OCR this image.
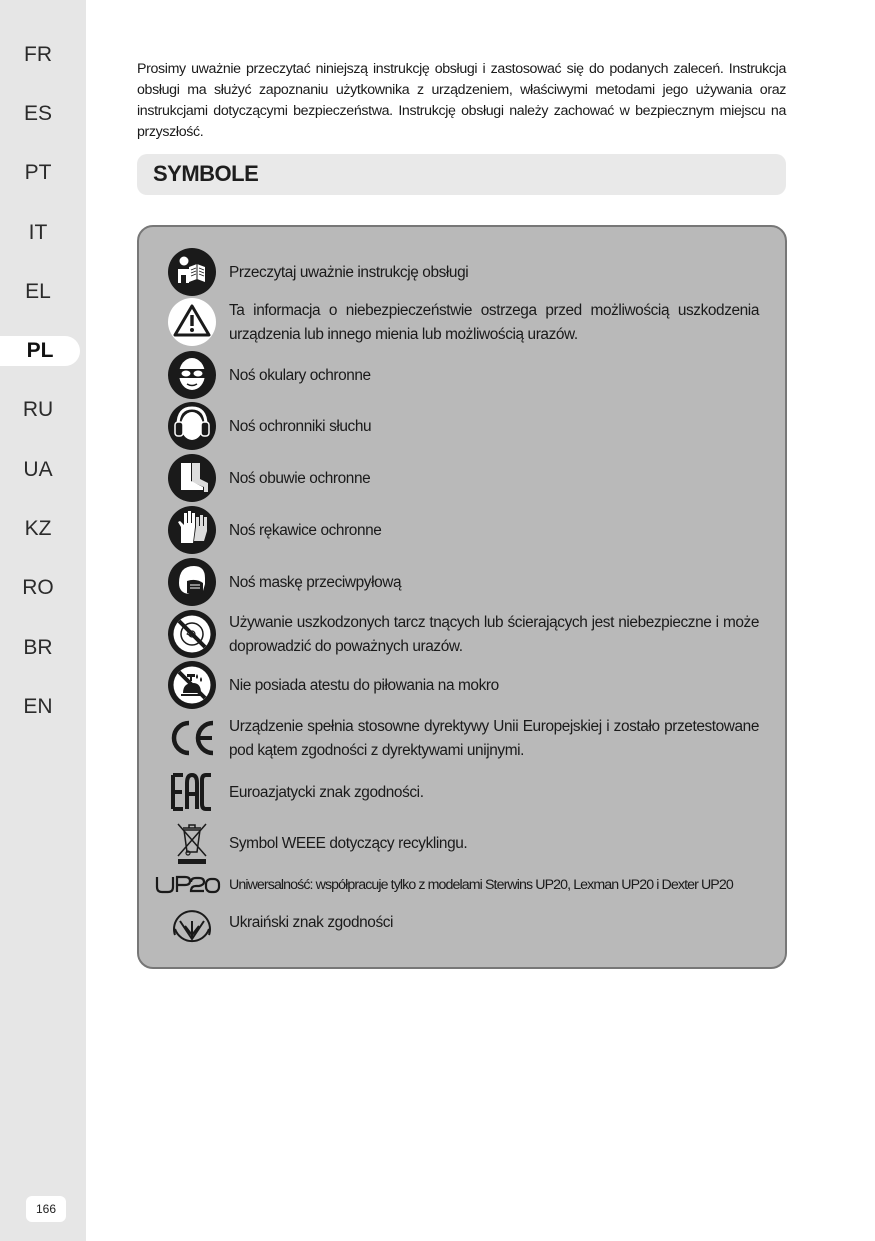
FR
ES
PT
IT
EL
PL
RU
UA
KZ
RO
BR
EN
166
Prosimy uważnie przeczytać niniejszą instrukcję obsługi i zastosować się do podanych zaleceń. Instrukcja obsługi ma służyć zapoznaniu użytkownika z urządzeniem, właściwymi metodami jego używania oraz instrukcjami dotyczącymi bezpieczeństwa. Instrukcję obsługi należy zachować w bezpiecznym miejscu na przyszłość.
SYMBOLE
Przeczytaj uważnie instrukcję obsługi
Ta informacja o niebezpieczeństwie ostrzega przed możliwością uszkodzenia urządzenia lub innego mienia lub możliwością urazów.
Noś okulary ochronne
Noś ochronniki słuchu
Noś obuwie ochronne
Noś rękawice ochronne
Noś maskę przeciwpyłową
Używanie uszkodzonych tarcz tnących lub ścierających jest niebezpieczne i może doprowadzić do poważnych urazów.
Nie posiada atestu do piłowania na mokro
Urządzenie spełnia stosowne dyrektywy Unii Europejskiej i zostało przetestowane pod kątem zgodności z dyrektywami unijnymi.
Euroazjatycki znak zgodności.
Symbol WEEE dotyczący recyklingu.
Uniwersalność: współpracuje tylko z modelami Sterwins UP20, Lexman UP20 i Dexter UP20
Ukraiński znak zgodności
